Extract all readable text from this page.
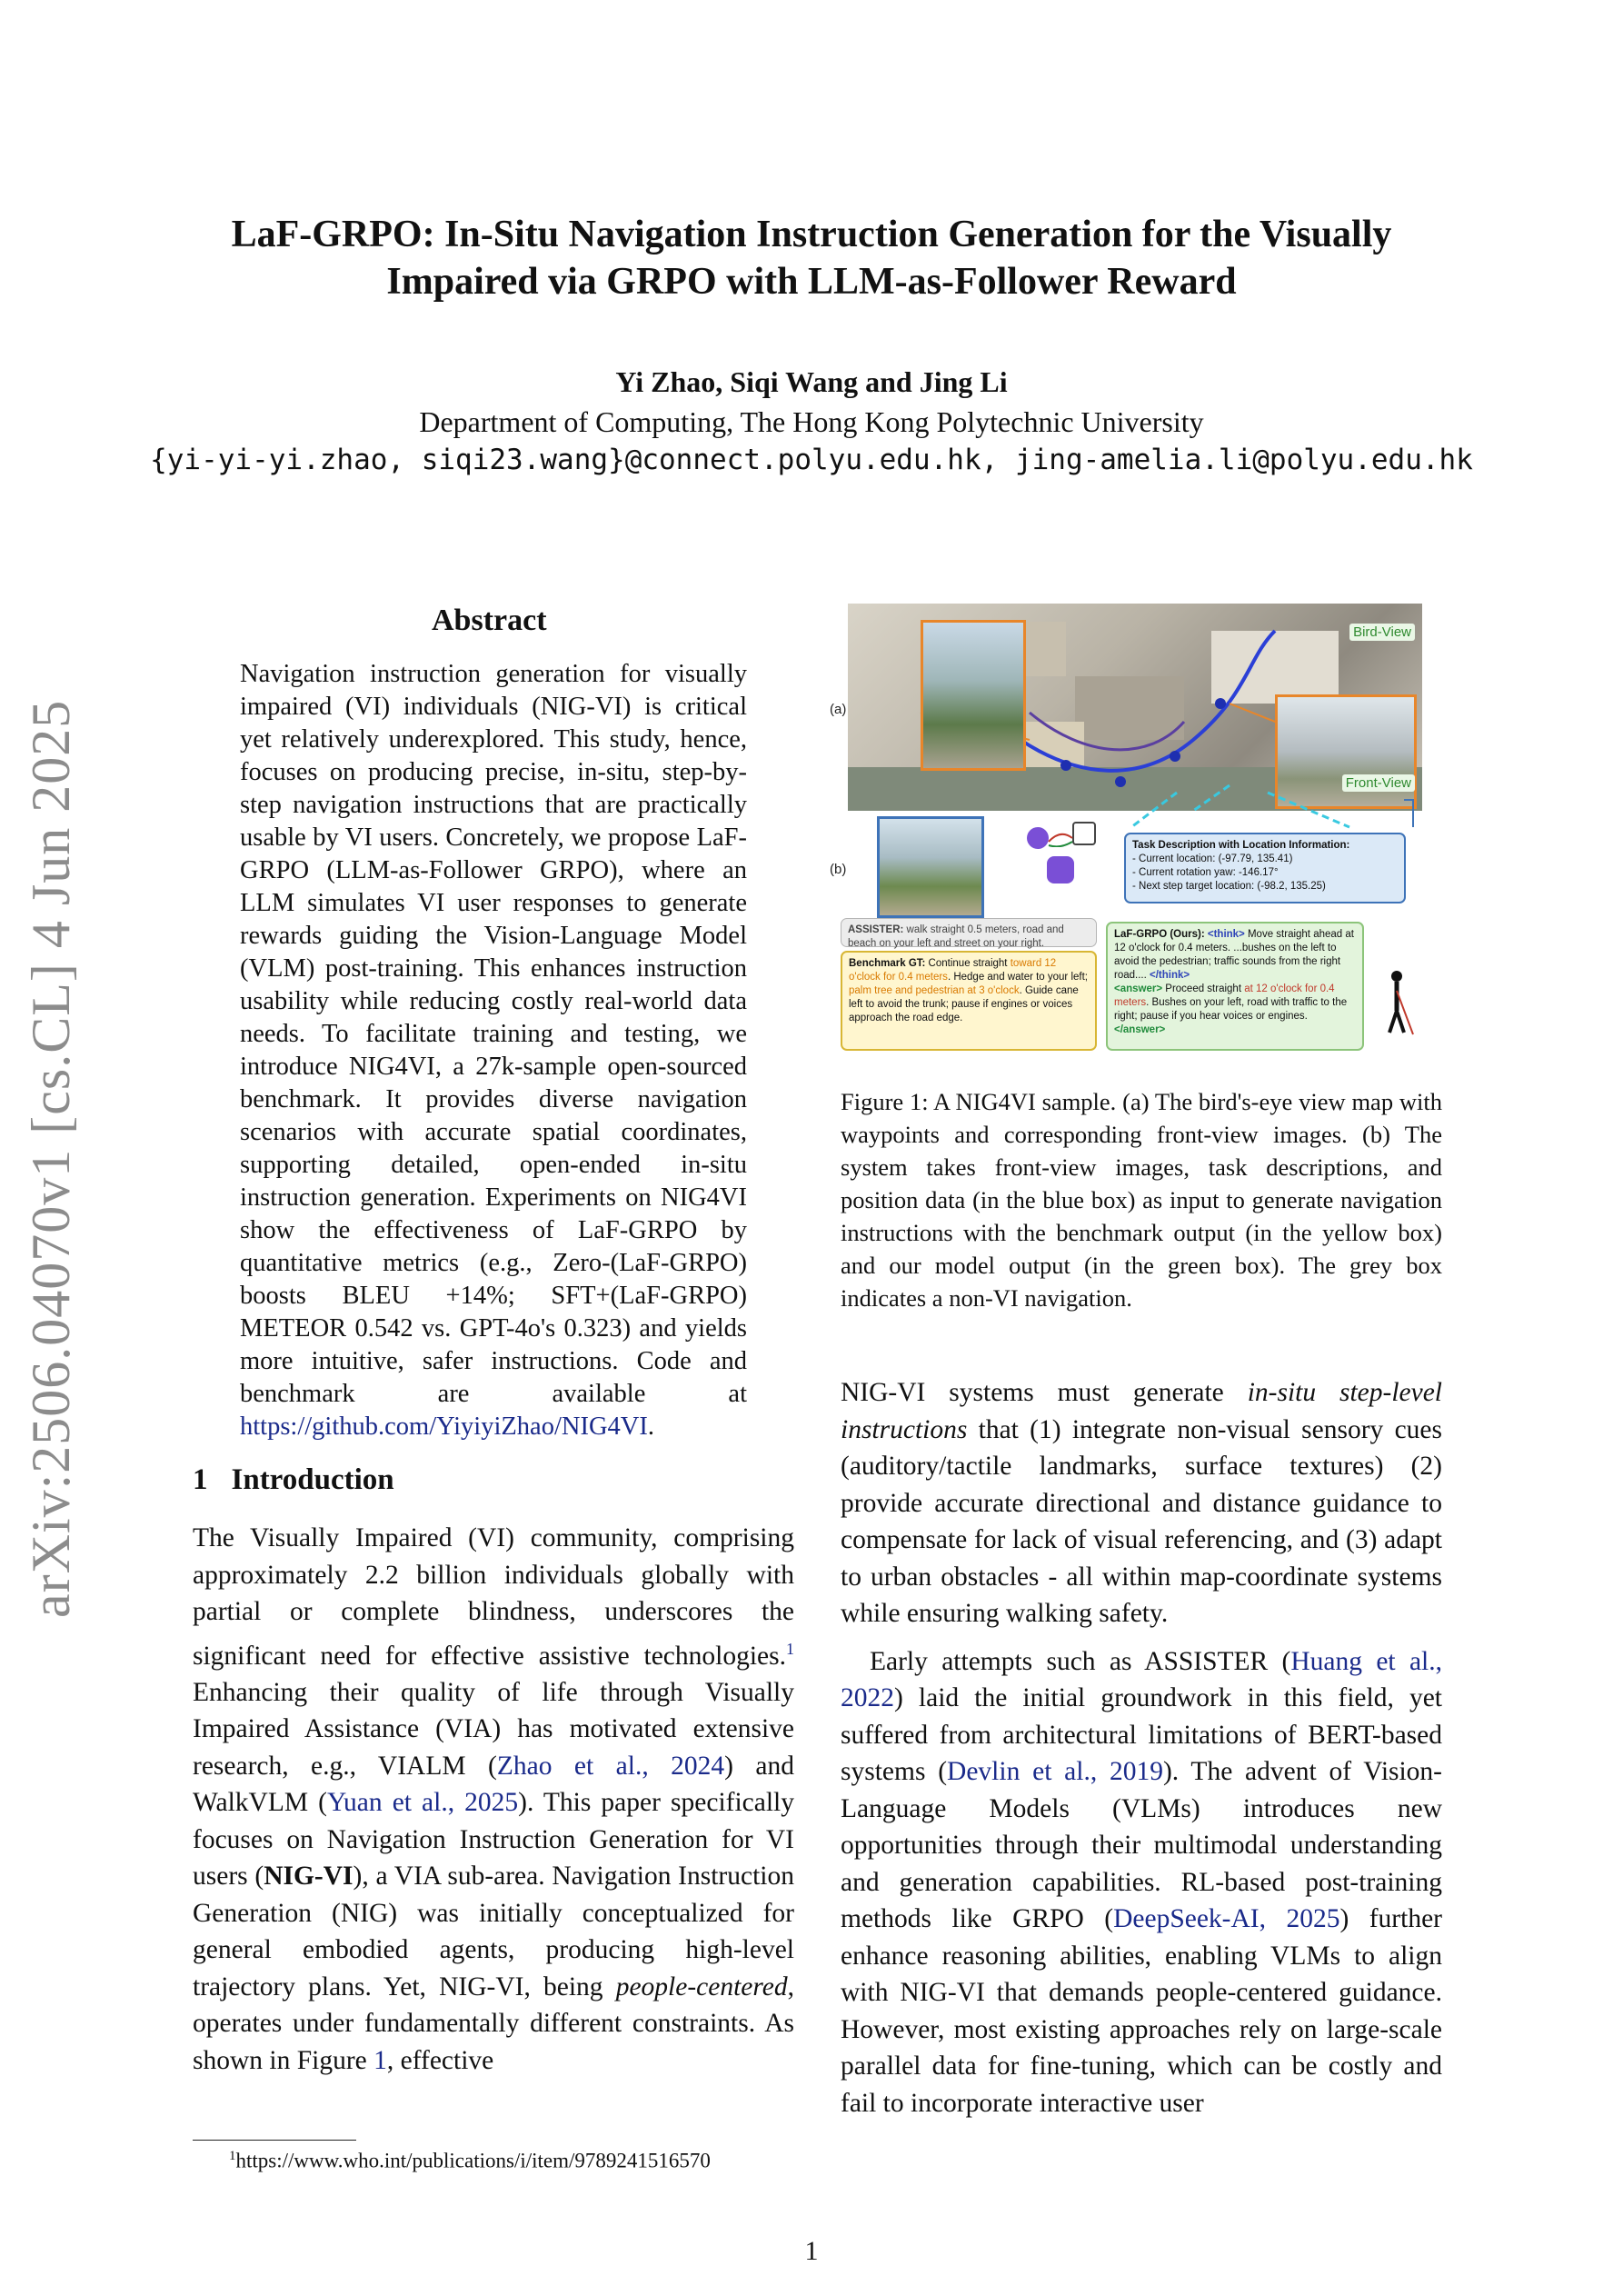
LaF-GRPO: In-Situ Navigation Instruction Generation for the Visually
Impaired via GRPO with LLM-as-Follower Reward
Yi Zhao, Siqi Wang and Jing Li
Department of Computing, The Hong Kong Polytechnic University
{yi-yi-yi.zhao, siqi23.wang}@connect.polyu.edu.hk, jing-amelia.li@polyu.edu.hk
arXiv:2506.04070v1 [cs.CL] 4 Jun 2025
Abstract
Navigation instruction generation for visually impaired (VI) individuals (NIG-VI) is critical yet relatively underexplored. This study, hence, focuses on producing precise, in-situ, step-by-step navigation instructions that are practically usable by VI users. Concretely, we propose LaF-GRPO (LLM-as-Follower GRPO), where an LLM simulates VI user responses to generate rewards guiding the Vision-Language Model (VLM) post-training. This enhances instruction usability while reducing costly real-world data needs. To facilitate training and testing, we introduce NIG4VI, a 27k-sample open-sourced benchmark. It provides diverse navigation scenarios with accurate spatial coordinates, supporting detailed, open-ended in-situ instruction generation. Experiments on NIG4VI show the effectiveness of LaF-GRPO by quantitative metrics (e.g., Zero-(LaF-GRPO) boosts BLEU +14%; SFT+(LaF-GRPO) METEOR 0.542 vs. GPT-4o's 0.323) and yields more intuitive, safer instructions. Code and benchmark are available at https://github.com/YiyiyiZhao/NIG4VI.
1 Introduction
The Visually Impaired (VI) community, comprising approximately 2.2 billion individuals globally with partial or complete blindness, underscores the significant need for effective assistive technologies.$^1$ Enhancing their quality of life through Visually Impaired Assistance (VIA) has motivated extensive research, e.g., VIALM (Zhao et al., 2024) and WalkVLM (Yuan et al., 2025). This paper specifically focuses on Navigation Instruction Generation for VI users (NIG-VI), a VIA sub-area. Navigation Instruction Generation (NIG) was initially conceptualized for general embodied agents, producing high-level trajectory plans. Yet, NIG-VI, being people-centered, operates under fundamentally different constraints. As shown in Figure 1, effective
$^1$https://www.who.int/publications/i/item/9789241516570
(a)
Bird-View
Front-View
(b)
Task Description with Location Information:
- Current location: (-97.79, 135.41)
- Current rotation yaw: -146.17°
- Next step target location: (-98.2, 135.25)
ASSISTER: walk straight 0.5 meters, road and beach on your left and street on your right.
Benchmark GT: Continue straight toward 12 o'clock for 0.4 meters. Hedge and water to your left; palm tree and pedestrian at 3 o'clock. Guide cane left to avoid the trunk; pause if engines or voices approach the road edge.
LaF-GRPO (Ours): <think> Move straight ahead at 12 o'clock for 0.4 meters. ...bushes on the left to avoid the pedestrian; traffic sounds from the right road.... </think>
<answer> Proceed straight at 12 o'clock for 0.4 meters. Bushes on your left, road with traffic to the right; pause if you hear voices or engines. </answer>
Figure 1: A NIG4VI sample. (a) The bird's-eye view map with waypoints and corresponding front-view images. (b) The system takes front-view images, task descriptions, and position data (in the blue box) as input to generate navigation instructions with the benchmark output (in the yellow box) and our model output (in the green box). The grey box indicates a non-VI navigation.

NIG-VI systems must generate in-situ step-level instructions that (1) integrate non-visual sensory cues (auditory/tactile landmarks, surface textures) (2) provide accurate directional and distance guidance to compensate for lack of visual referencing, and (3) adapt to urban obstacles - all within map-coordinate systems while ensuring walking safety.

Early attempts such as ASSISTER (Huang et al., 2022) laid the initial groundwork in this field, yet suffered from architectural limitations of BERT-based systems (Devlin et al., 2019). The advent of Vision-Language Models (VLMs) introduces new opportunities through their multimodal understanding and generation capabilities. RL-based post-training methods like GRPO (DeepSeek-AI, 2025) further enhance reasoning abilities, enabling VLMs to align with NIG-VI that demands people-centered guidance. However, most existing approaches rely on large-scale parallel data for fine-tuning, which can be costly and fail to incorporate interactive user

1
